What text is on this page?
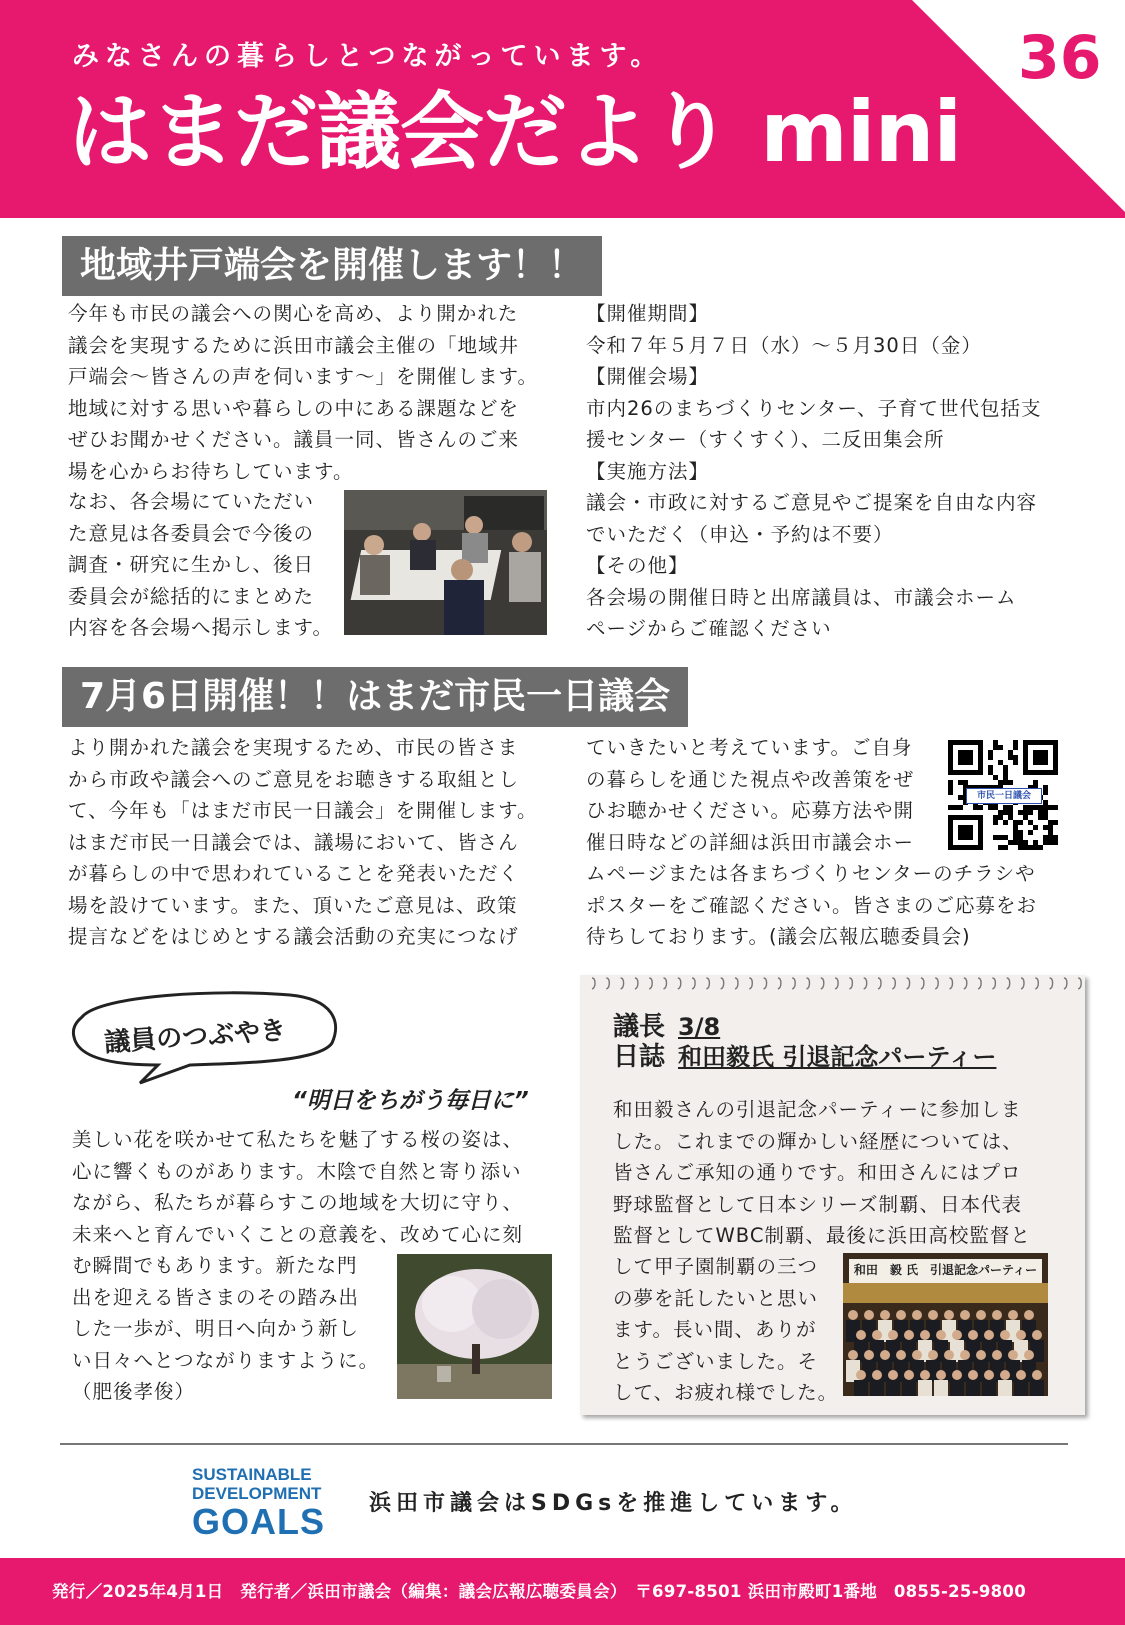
みなさんの暮らしとつながっています。
はまだ議会だより mini
36
地域井戸端会を開催します！！
今年も市民の議会への関心を高め、より開かれた
議会を実現するために浜田市議会主催の「地域井
戸端会～皆さんの声を伺います～」を開催します。
地域に対する思いや暮らしの中にある課題などを
ぜひお聞かせください。議員一同、皆さんのご来
場を心からお待ちしています。
なお、各会場にていただい
た意見は各委員会で今後の
調査・研究に生かし、後日
委員会が総括的にまとめた
内容を各会場へ掲示します。
【開催期間】
令和７年５月７日（水）～５月30日（金）
【開催会場】
市内26のまちづくりセンター、子育て世代包括支
援センター（すくすく）、二反田集会所
【実施方法】
議会・市政に対するご意見やご提案を自由な内容
でいただく（申込・予約は不要）
【その他】
各会場の開催日時と出席議員は、市議会ホーム
ページからご確認ください
7月6日開催！！はまだ市民一日議会
より開かれた議会を実現するため、市民の皆さま
から市政や議会へのご意見をお聴きする取組とし
て、今年も「はまだ市民一日議会」を開催します。
はまだ市民一日議会では、議場において、皆さん
が暮らしの中で思われていることを発表いただく
場を設けています。また、頂いたご意見は、政策
提言などをはじめとする議会活動の充実につなげ
ていきたいと考えています。ご自身
の暮らしを通じた視点や改善策をぜ
ひお聴かせください。応募方法や開
催日時などの詳細は浜田市議会ホー
市民一日議会
ムページまたは各まちづくりセンターのチラシや
ポスターをご確認ください。皆さまのご応募をお
待ちしております。(議会広報広聴委員会)
議員のつぶやき
“明日をちがう毎日に”
美しい花を咲かせて私たちを魅了する桜の姿は、
心に響くものがあります。木陰で自然と寄り添い
ながら、私たちが暮らすこの地域を大切に守り、
未来へと育んでいくことの意義を、改めて心に刻
む瞬間でもあります。新たな門
出を迎える皆さまのその踏み出
した一歩が、明日へ向かう新し
い日々へとつながりますように。
（肥後孝俊）
議長
日誌
3/8
和田毅氏 引退記念パーティー
和田毅さんの引退記念パーティーに参加しま
した。これまでの輝かしい経歴については、
皆さんご承知の通りです。和田さんにはプロ
野球監督として日本シリーズ制覇、日本代表
監督としてWBC制覇、最後に浜田高校監督と
して甲子園制覇の三つ
の夢を託したいと思い
ます。長い間、ありが
とうございました。そ
して、お疲れ様でした。
和田　毅 氏　引退記念パーティー
SUSTAINABLE
DEVELOPMENT
GOALS 浜田市議会はSDGsを推進しています。
発行／2025年4月1日　発行者／浜田市議会（編集：議会広報広聴委員会）　〒697-8501 浜田市殿町1番地　0855-25-9800
